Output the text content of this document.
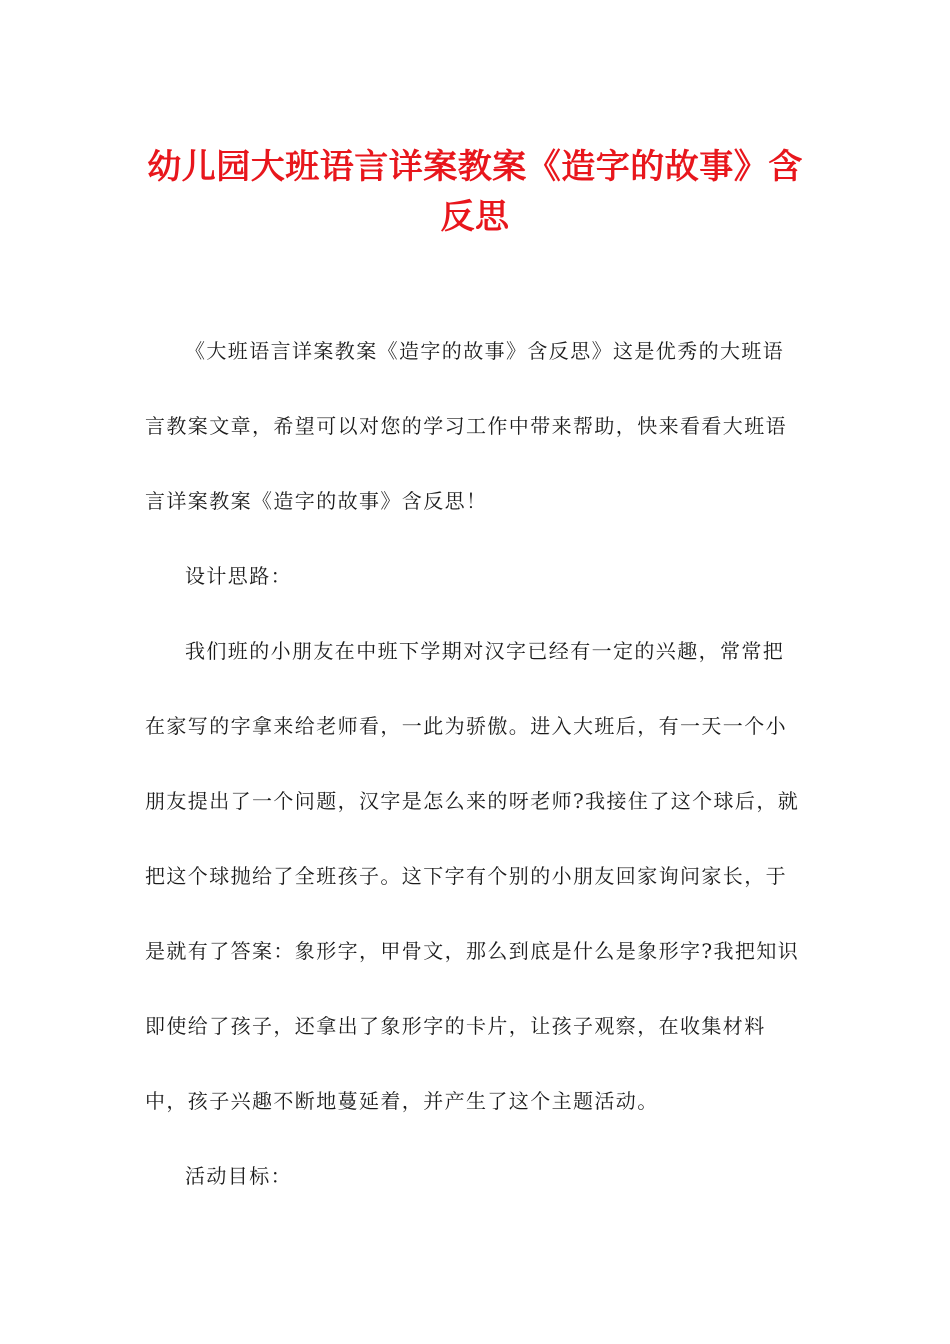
幼儿园大班语言详案教案《造字的故事》含反思

《大班语言详案教案《造字的故事》含反思》这是优秀的大班语言教案文章，希望可以对您的学习工作中带来帮助，快来看看大班语言详案教案《造字的故事》含反思！

设计思路：

我们班的小朋友在中班下学期对汉字已经有一定的兴趣，常常把在家写的字拿来给老师看，一此为骄傲。进入大班后，有一天一个小朋友提出了一个问题，汉字是怎么来的呀老师?我接住了这个球后，就把这个球抛给了全班孩子。这下字有个别的小朋友回家询问家长，于是就有了答案：象形字，甲骨文，那么到底是什么是象形字?我把知识即使给了孩子，还拿出了象形字的卡片，让孩子观察，在收集材料中，孩子兴趣不断地蔓延着，并产生了这个主题活动。

活动目标：
